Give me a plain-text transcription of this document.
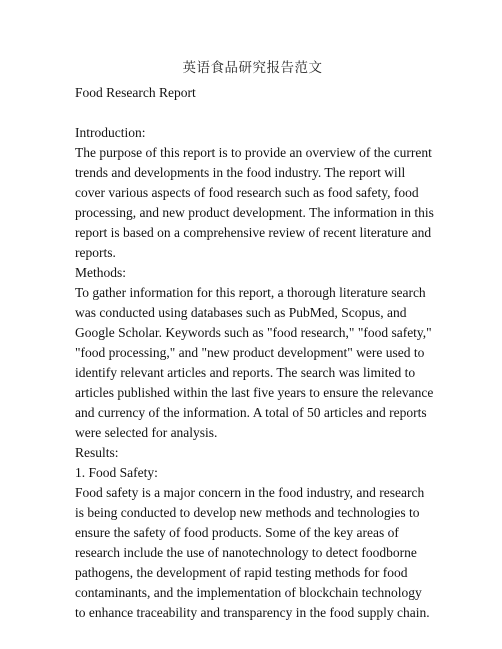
英语食品研究报告范文
Food Research Report

Introduction:

The purpose of this report is to provide an overview of the current trends and developments in the food industry. The report will cover various aspects of food research such as food safety, food processing, and new product development. The information in this report is based on a comprehensive review of recent literature and reports.

Methods:

To gather information for this report, a thorough literature search was conducted using databases such as PubMed, Scopus, and Google Scholar. Keywords such as "food research," "food safety," "food processing," and "new product development" were used to identify relevant articles and reports. The search was limited to articles published within the last five years to ensure the relevance and currency of the information. A total of 50 articles and reports were selected for analysis.

Results:

1. Food Safety:

Food safety is a major concern in the food industry, and research is being conducted to develop new methods and technologies to ensure the safety of food products. Some of the key areas of research include the use of nanotechnology to detect foodborne pathogens, the development of rapid testing methods for food contaminants, and the implementation of blockchain technology to enhance traceability and transparency in the food supply chain.
